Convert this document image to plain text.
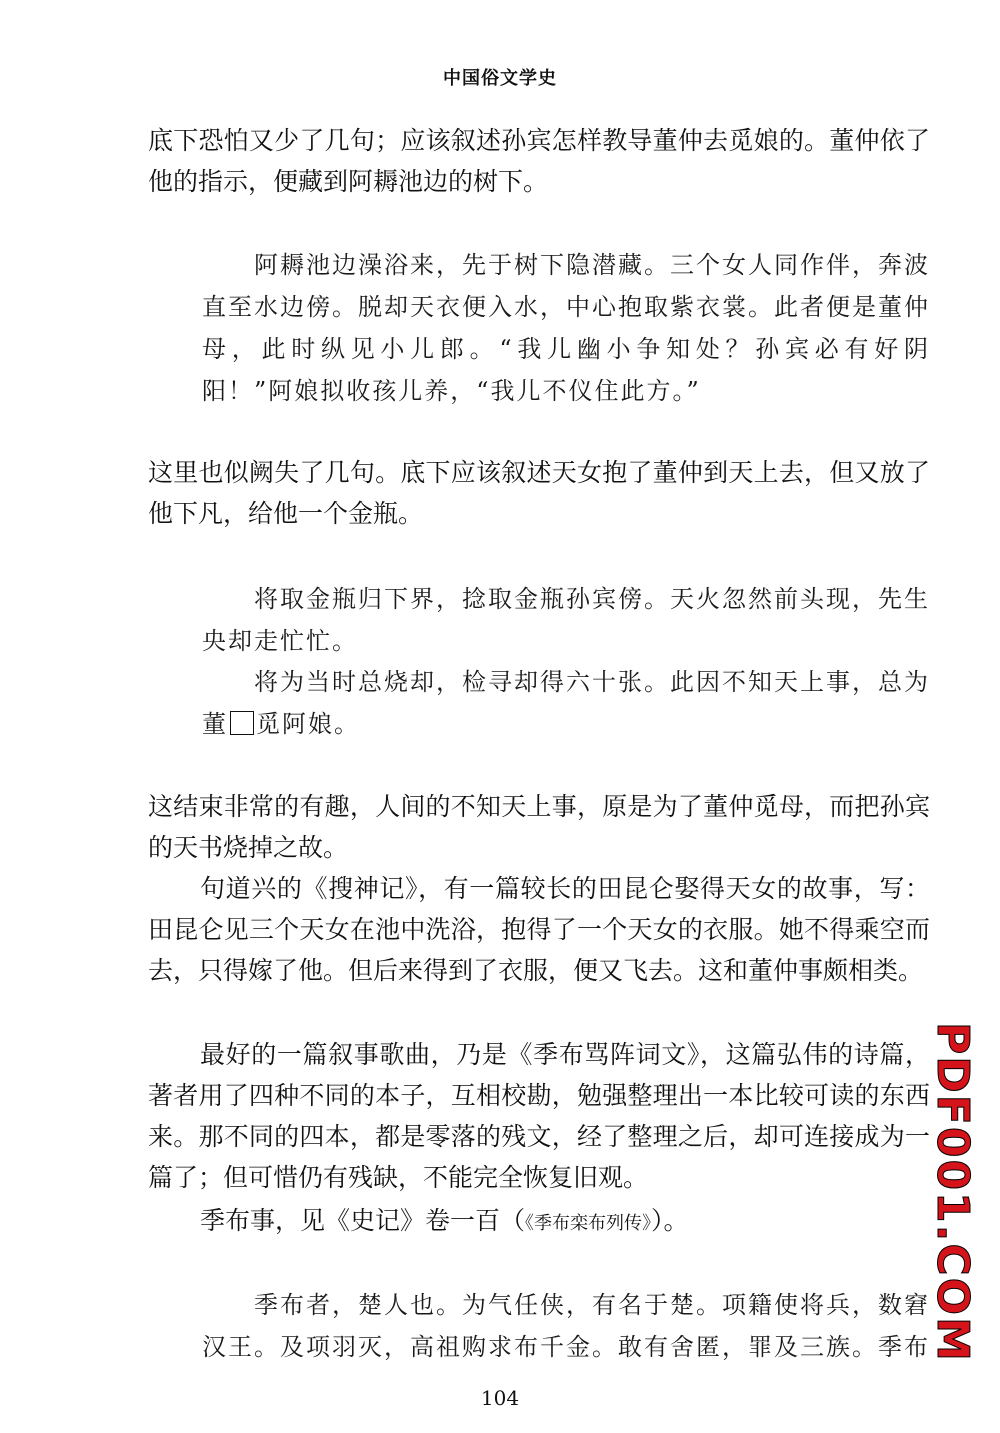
中国俗文学史

底下恐怕又少了几句；应该叙述孙宾怎样教导董仲去觅娘的。董仲依了他的指示，便藏到阿耨池边的树下。

阿耨池边澡浴来，先于树下隐潜藏。三个女人同作伴，奔波直至水边傍。脱却天衣便入水，中心抱取紫衣裳。此者便是董仲母，此时纵见小儿郎。“我儿幽小争知处？孙宾必有好阴阳！”阿娘拟收孩儿养，“我儿不仪住此方。”

这里也似阙失了几句。底下应该叙述天女抱了董仲到天上去，但又放了他下凡，给他一个金瓶。

将取金瓶归下界，捻取金瓶孙宾傍。天火忽然前头现，先生央却走忙忙。

将为当时总烧却，检寻却得六十张。此因不知天上事，总为董 觅阿娘。

这结束非常的有趣，人间的不知天上事，原是为了董仲觅母，而把孙宾的天书烧掉之故。

句道兴的《搜神记》，有一篇较长的田昆仑娶得天女的故事，写：田昆仑见三个天女在池中洗浴，抱得了一个天女的衣服。她不得乘空而去，只得嫁了他。但后来得到了衣服，便又飞去。这和董仲事颇相类。

最好的一篇叙事歌曲，乃是《季布骂阵词文》，这篇弘伟的诗篇，著者用了四种不同的本子，互相校勘，勉强整理出一本比较可读的东西来。那不同的四本，都是零落的残文，经了整理之后，却可连接成为一篇了；但可惜仍有残缺，不能完全恢复旧观。

季布事，见《史记》卷一百（《季布栾布列传》）。

季布者，楚人也。为气任侠，有名于楚。项籍使将兵，数窘汉王。及项羽灭，高祖购求布千金。敢有舍匿，罪及三族。季布

PDF001.COM
104
